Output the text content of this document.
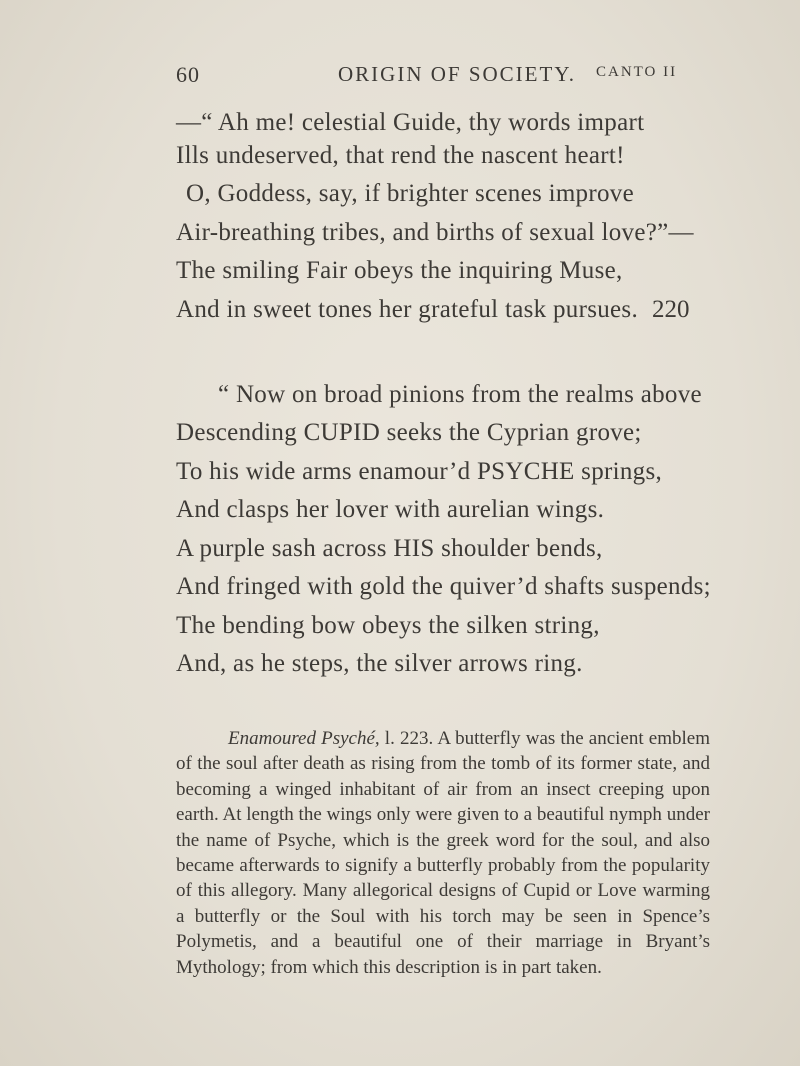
60	ORIGIN OF SOCIETY. CANTO II
—“ Ah me! celestial Guide, thy words impart
Ills undeserved, that rend the nascent heart!
O, Goddess, say, if brighter scenes improve
Air-breathing tribes, and births of sexual love?”—
The smiling Fair obeys the inquiring Muse,
And in sweet tones her grateful task pursues. 220
“ Now on broad pinions from the realms above
Descending CUPID seeks the Cyprian grove;
To his wide arms enamour’d PSYCHE springs,
And clasps her lover with aurelian wings.
A purple sash across HIS shoulder bends,
And fringed with gold the quiver’d shafts suspends;
The bending bow obeys the silken string,
And, as he steps, the silver arrows ring.

Enamoured Psyché, l. 223. A butterfly was the ancient emblem of the soul after death as rising from the tomb of its former state, and becoming a winged inhabitant of air from an insect creeping upon earth. At length the wings only were given to a beautiful nymph under the name of Psyche, which is the greek word for the soul, and also became afterwards to signify a butterfly probably from the popularity of this allegory. Many allegorical designs of Cupid or Love warming a butterfly or the Soul with his torch may be seen in Spence’s Polymetis, and a beautiful one of their marriage in Bryant’s Mythology; from which this description is in part taken.
